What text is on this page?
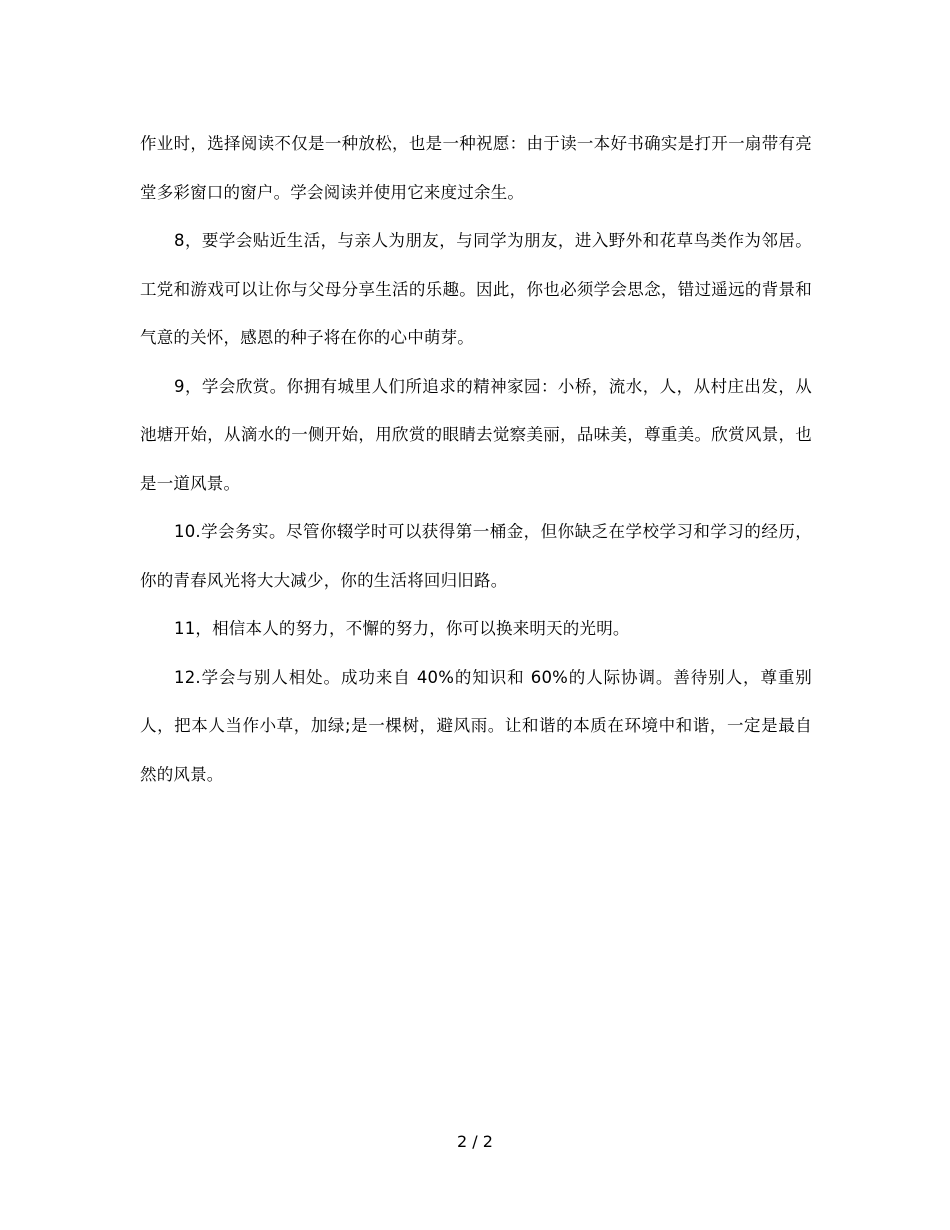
作业时，选择阅读不仅是一种放松，也是一种祝愿：由于读一本好书确实是打开一扇带有亮堂多彩窗口的窗户。学会阅读并使用它来度过余生。

8，要学会贴近生活，与亲人为朋友，与同学为朋友，进入野外和花草鸟类作为邻居。工党和游戏可以让你与父母分享生活的乐趣。因此，你也必须学会思念，错过遥远的背景和气意的关怀，感恩的种子将在你的心中萌芽。

9，学会欣赏。你拥有城里人们所追求的精神家园：小桥，流水，人，从村庄出发，从池塘开始，从滴水的一侧开始，用欣赏的眼睛去觉察美丽，品味美，尊重美。欣赏风景，也是一道风景。

10.学会务实。尽管你辍学时可以获得第一桶金，但你缺乏在学校学习和学习的经历，你的青春风光将大大减少，你的生活将回归旧路。

11，相信本人的努力，不懈的努力，你可以换来明天的光明。

12.学会与别人相处。成功来自 40%的知识和 60%的人际协调。善待别人，尊重别人，把本人当作小草，加绿;是一棵树，避风雨。让和谐的本质在环境中和谐，一定是最自然的风景。

2 / 2
